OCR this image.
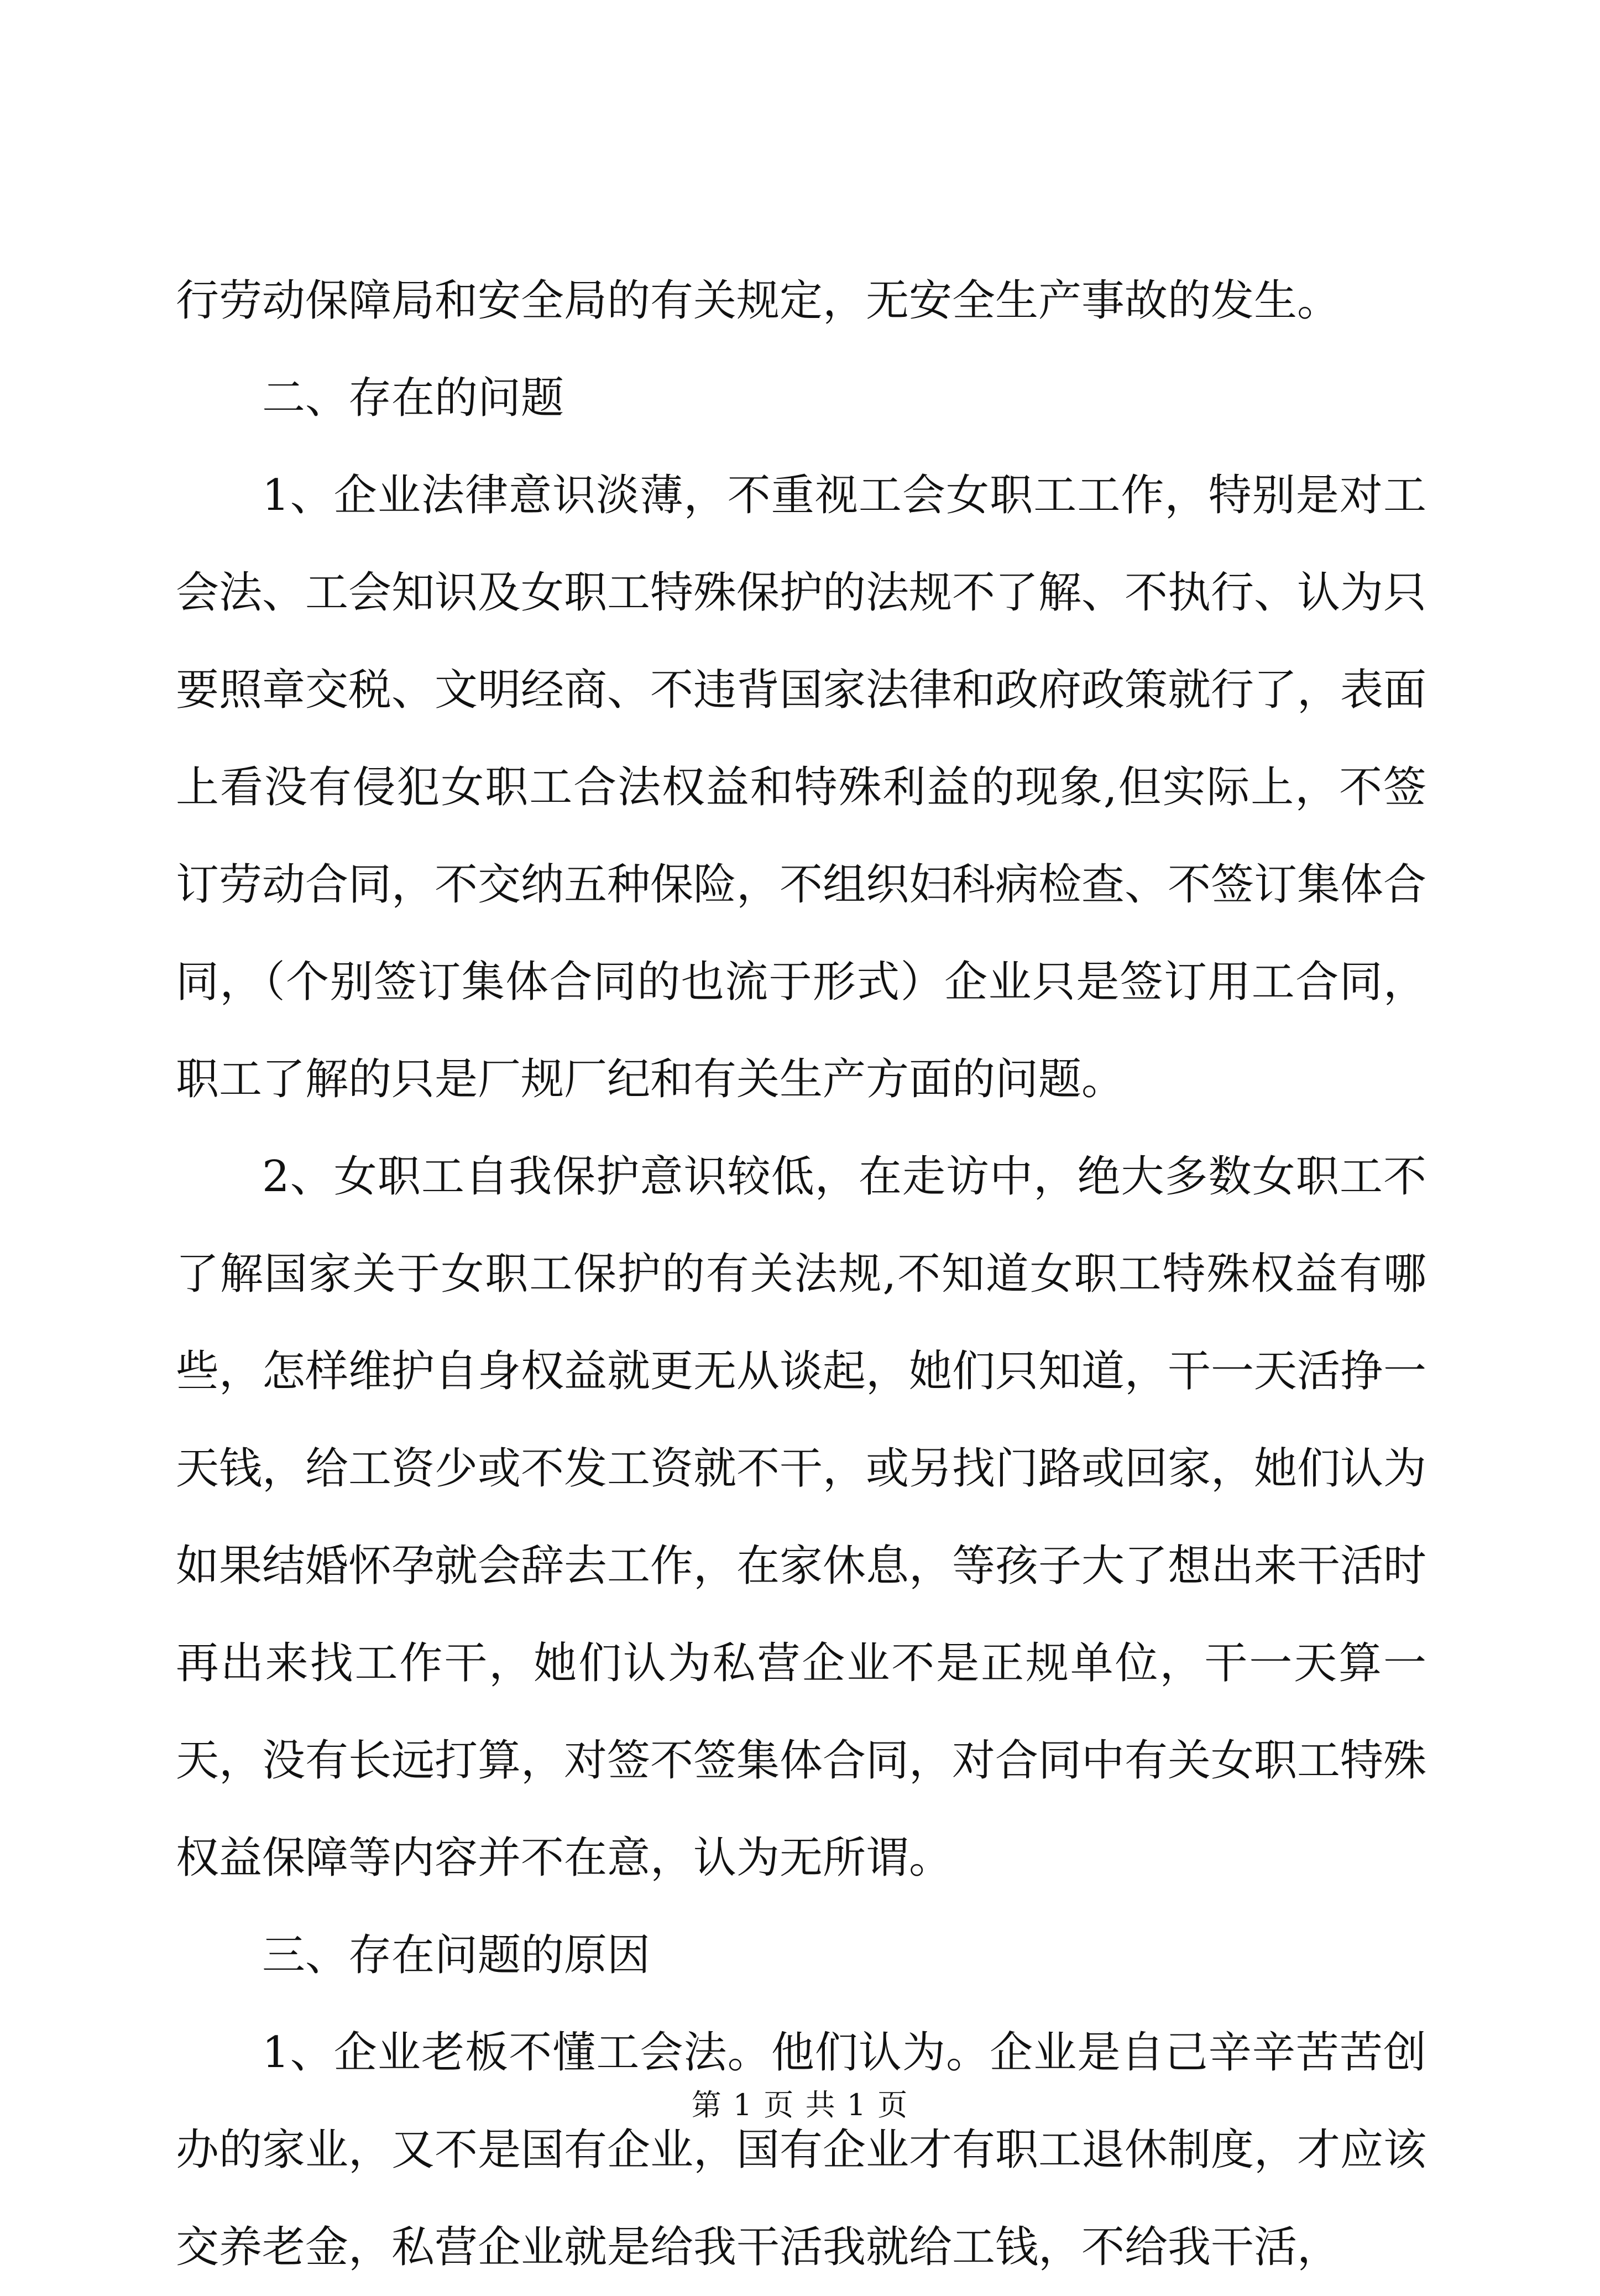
行劳动保障局和安全局的有关规定，无安全生产事故的发生。

二、存在的问题

1、企业法律意识淡薄，不重视工会女职工工作，特别是对工会法、工会知识及女职工特殊保护的法规不了解、不执行、认为只要照章交税、文明经商、不违背国家法律和政府政策就行了，表面上看没有侵犯女职工合法权益和特殊利益的现象,但实际上，不签订劳动合同，不交纳五种保险，不组织妇科病检查、不签订集体合同，（个别签订集体合同的也流于形式）企业只是签订用工合同，职工了解的只是厂规厂纪和有关生产方面的问题。

2、女职工自我保护意识较低，在走访中，绝大多数女职工不了解国家关于女职工保护的有关法规,不知道女职工特殊权益有哪些，怎样维护自身权益就更无从谈起，她们只知道，干一天活挣一天钱，给工资少或不发工资就不干，或另找门路或回家，她们认为如果结婚怀孕就会辞去工作，在家休息，等孩子大了想出来干活时再出来找工作干，她们认为私营企业不是正规单位，干一天算一天，没有长远打算，对签不签集体合同，对合同中有关女职工特殊权益保障等内容并不在意，认为无所谓。

三、存在问题的原因

1、企业老板不懂工会法。他们认为。企业是自己辛辛苦苦创办的家业，又不是国有企业，国有企业才有职工退休制度，才应该交养老金，私营企业就是给我干活我就给工钱，不给我干活，

第 1 页 共 1 页
